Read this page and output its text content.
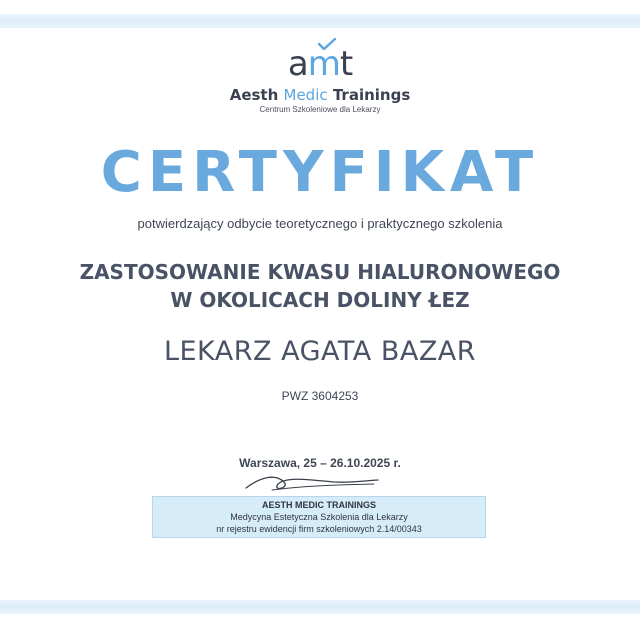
amt
Aesth Medic Trainings
Centrum Szkoleniowe dla Lekarzy
CERTYFIKAT
potwierdzający odbycie teoretycznego i praktycznego szkolenia
ZASTOSOWANIE KWASU HIALURONOWEGO
W OKOLICACH DOLINY ŁEZ
LEKARZ AGATA BAZAR
PWZ 3604253
Warszawa, 25 – 26.10.2025 r.
AESTH MEDIC TRAININGS
Medycyna Estetyczna Szkolenia dla Lekarzy
nr rejestru ewidencji firm szkoleniowych 2.14/00343
